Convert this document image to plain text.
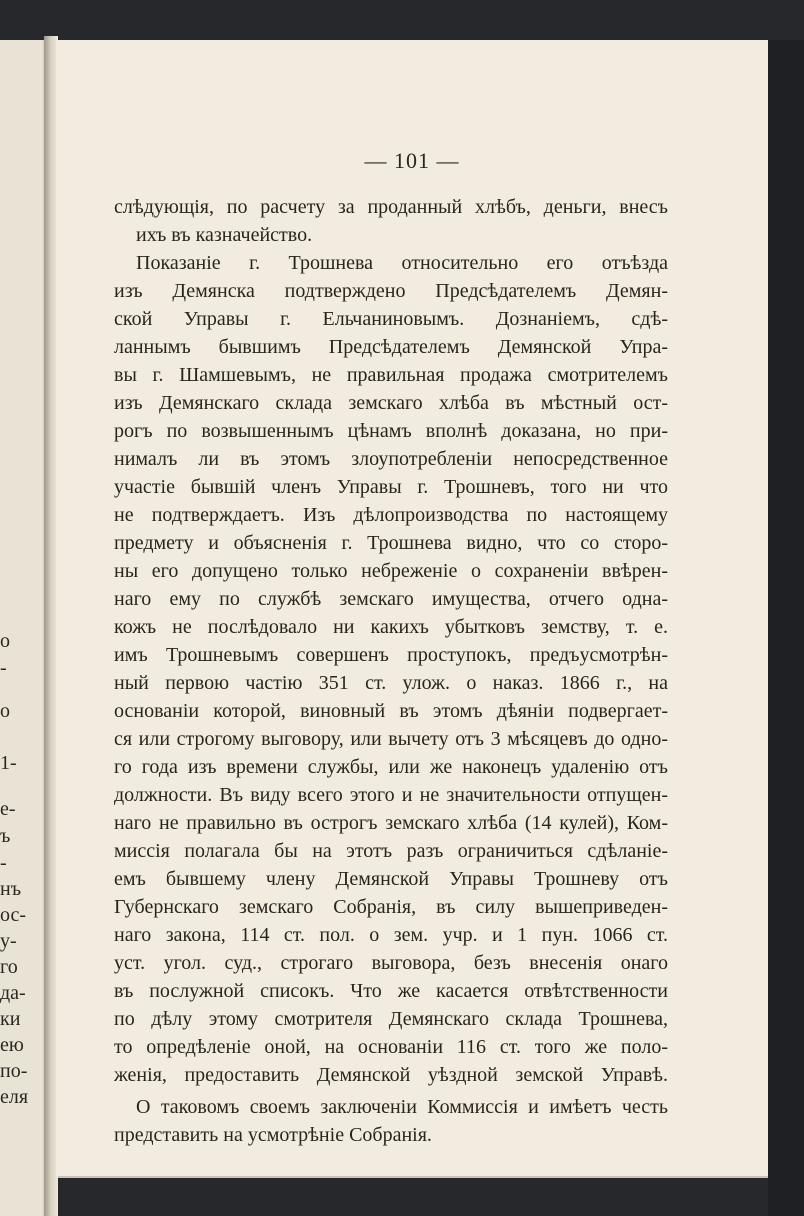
о
-
о
1-
е-
ъ
-
нъ
ос-
у-
го
да-
ки
ею
по-
еля
— 101 —
слѣдующія, по расчету за проданный хлѣбъ, деньги, внесъ
ихъ въ казначейство.
Показаніе г. Трошнева относительно его отъѣзда
изъ Демянска подтверждено Предсѣдателемъ Демян-
ской Управы г. Ельчаниновымъ. Дознаніемъ, сдѣ-
ланнымъ бывшимъ Предсѣдателемъ Демянской Упра-
вы г. Шамшевымъ, не правильная продажа смотрителемъ
изъ Демянскаго склада земскаго хлѣба въ мѣстный ост-
рогъ по возвышеннымъ цѣнамъ вполнѣ доказана, но при-
нималъ ли въ этомъ злоупотребленіи непосредственное
участіе бывшій членъ Управы г. Трошневъ, того ни что
не подтверждаетъ. Изъ дѣлопроизводства по настоящему
предмету и объясненія г. Трошнева видно, что со сторо-
ны его допущено только небреженіе о сохраненіи ввѣрен-
наго ему по службѣ земскаго имущества, отчего одна-
кожъ не послѣдовало ни какихъ убытковъ земству, т. е.
имъ Трошневымъ совершенъ проступокъ, предъусмотрѣн-
ный первою частію 351 ст. улож. о наказ. 1866 г., на
основаніи которой, виновный въ этомъ дѣяніи подвергает-
ся или строгому выговору, или вычету отъ 3 мѣсяцевъ до одно-
го года изъ времени службы, или же наконецъ удаленію отъ
должности. Въ виду всего этого и не значительности отпущен-
наго не правильно въ острогъ земскаго хлѣба (14 кулей), Ком-
миссія полагала бы на этотъ разъ ограничиться сдѣланіе-
емъ бывшему члену Демянской Управы Трошневу отъ
Губернскаго земскаго Собранія, въ силу вышеприведен-
наго закона, 114 ст. пол. о зем. учр. и 1 пун. 1066 ст.
уст. угол. суд., строгаго выговора, безъ внесенія онаго
въ послужной списокъ. Что же касается отвѣтственности
по дѣлу этому смотрителя Демянскаго склада Трошнева,
то опредѣленіе оной, на основаніи 116 ст. того же поло-
женія, предоставить Демянской уѣздной земской Управѣ.
О таковомъ своемъ заключеніи Коммиссія и имѣетъ честь
представить на усмотрѣніе Собранія.
